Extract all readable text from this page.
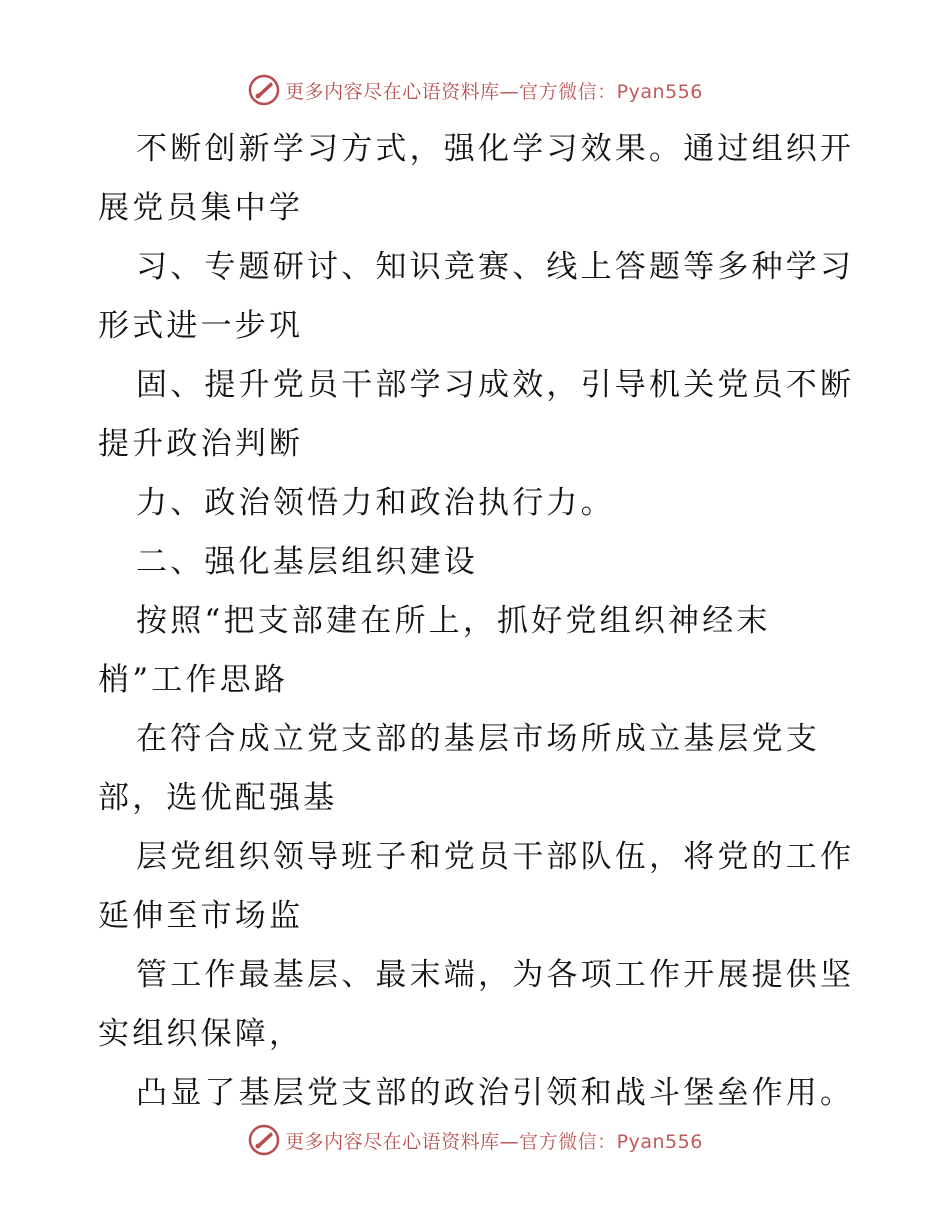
更多内容尽在心语资料库—官方微信：Pyan556

不断创新学习方式，强化学习效果。通过组织开展党员集中学

习、专题研讨、知识竞赛、线上答题等多种学习形式进一步巩

固、提升党员干部学习成效，引导机关党员不断提升政治判断

力、政治领悟力和政治执行力。

二、强化基层组织建设

按照“把支部建在所上，抓好党组织神经末梢”工作思路

在符合成立党支部的基层市场所成立基层党支部，选优配强基

层党组织领导班子和党员干部队伍，将党的工作延伸至市场监

管工作最基层、最末端，为各项工作开展提供坚实组织保障，

凸显了基层党支部的政治引领和战斗堡垒作用。

更多内容尽在心语资料库—官方微信：Pyan556
